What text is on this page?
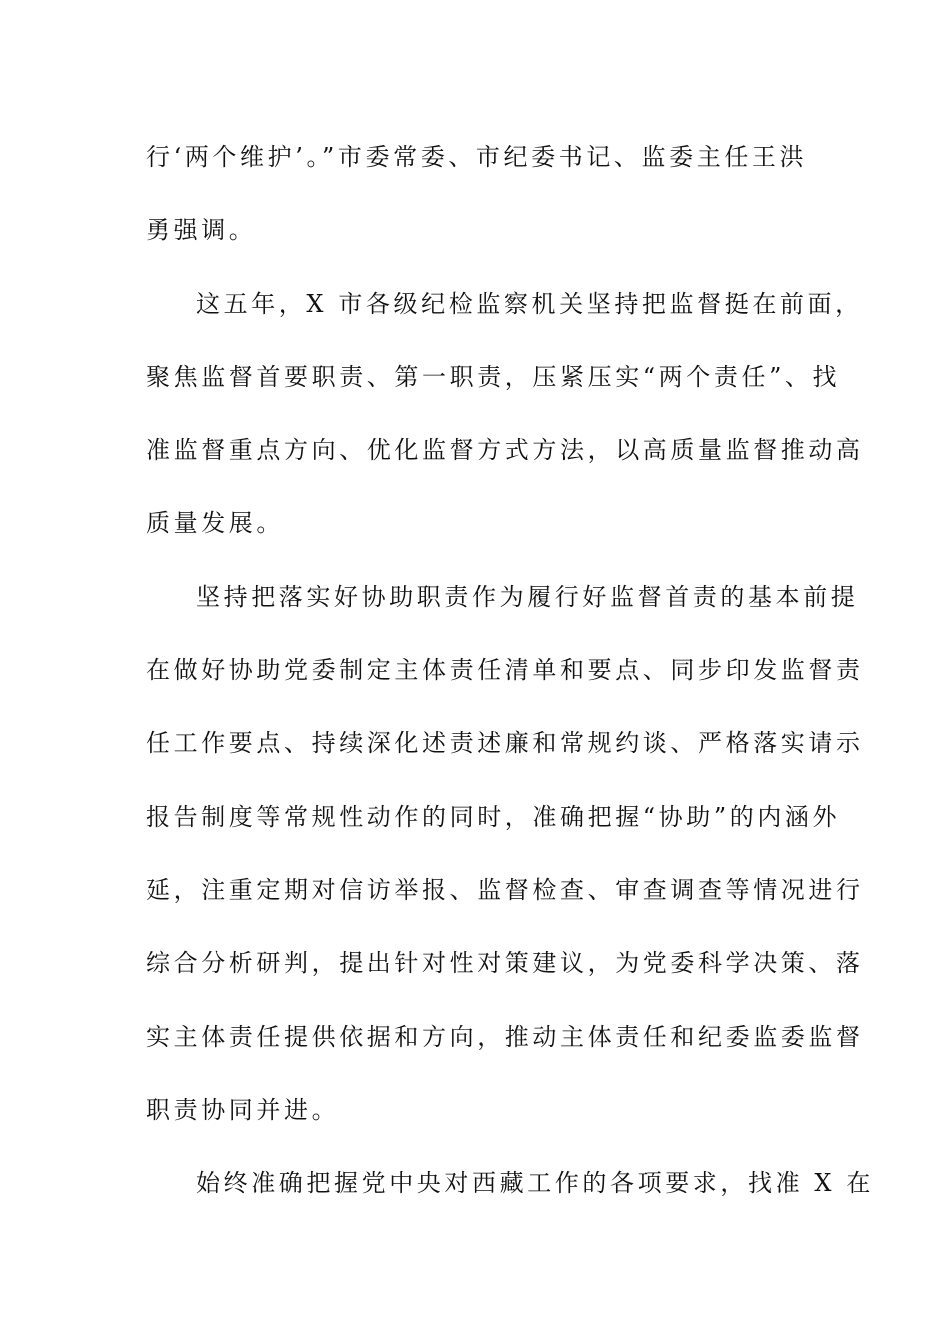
行‘两个维护’。”市委常委、市纪委书记、监委主任王洪
勇强调。
这五年，X 市各级纪检监察机关坚持把监督挺在前面，
聚焦监督首要职责、第一职责，压紧压实“两个责任”、找
准监督重点方向、优化监督方式方法，以高质量监督推动高
质量发展。
坚持把落实好协助职责作为履行好监督首责的基本前提
在做好协助党委制定主体责任清单和要点、同步印发监督责
任工作要点、持续深化述责述廉和常规约谈、严格落实请示
报告制度等常规性动作的同时，准确把握“协助”的内涵外
延，注重定期对信访举报、监督检查、审查调查等情况进行
综合分析研判，提出针对性对策建议，为党委科学决策、落
实主体责任提供依据和方向，推动主体责任和纪委监委监督
职责协同并进。
始终准确把握党中央对西藏工作的各项要求，找准 X 在
